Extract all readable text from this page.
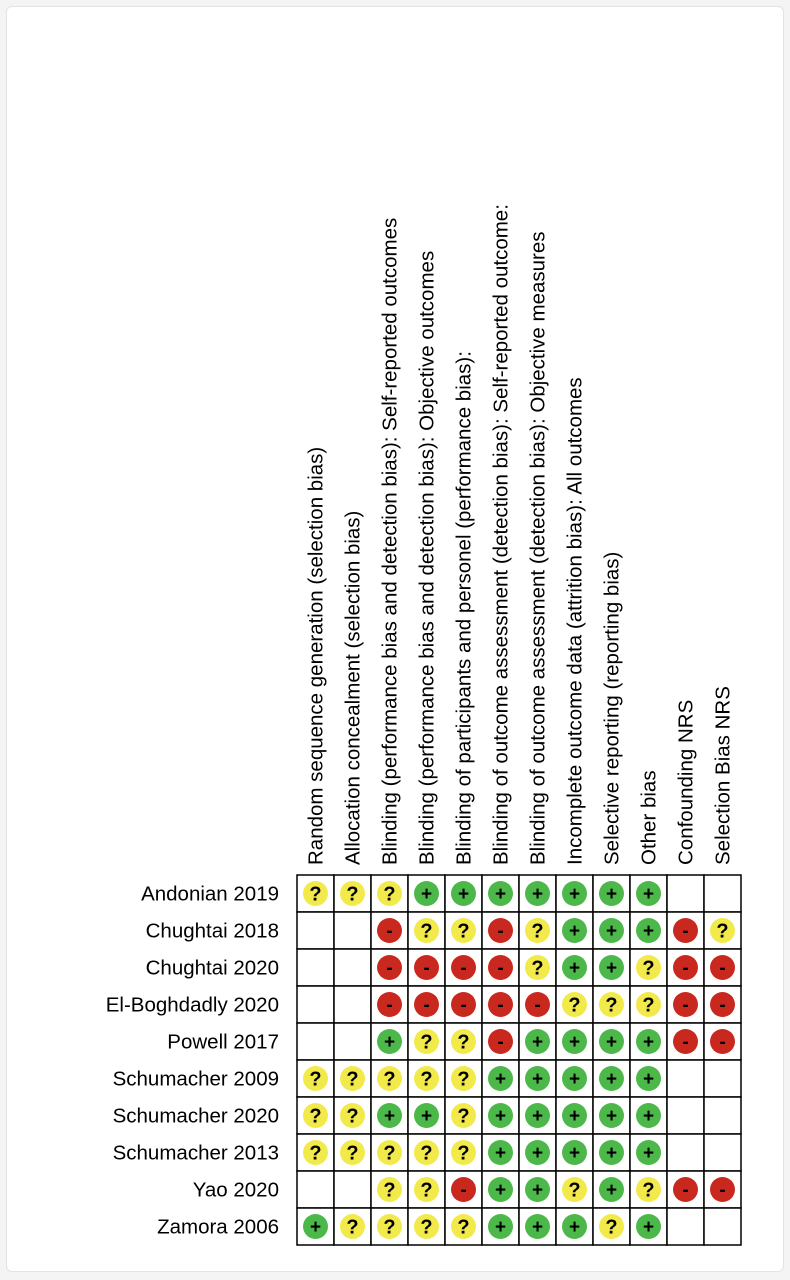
Random sequence generation (selection bias) Allocation concealment (selection bias) Blinding (performance bias and detection bias): Self-reported outcomes Blinding (performance bias and detection bias): Objective outcomes Blinding of participants and personel (performance bias): Blinding of outcome assessment (detection bias): Self-reported outcome: Blinding of outcome assessment (detection bias): Objective measures Incomplete outcome data (attrition bias): All outcomes Selective reporting (reporting bias) Other bias Confounding NRS Selection Bias NRS
Andonian 2019
Chughtai 2018
Chughtai 2020
El-Boghdadly 2020
Powell 2017
Schumacher 2009
Schumacher 2020
Schumacher 2013
Yao 2020
Zamora 2006
? ? ? + + + + + + +
- ? ? - ? + + + - ?
- - - - ? + + ? - -
- - - - - ? ? ? - -
+ ? ? - + + + + - -
? ? ? ? ? + + + + +
? ? + + ? + + + + +
? ? ? ? ? + + + + +
? ? - + + ? + ? - -
+ ? ? ? ? + + + ? +
